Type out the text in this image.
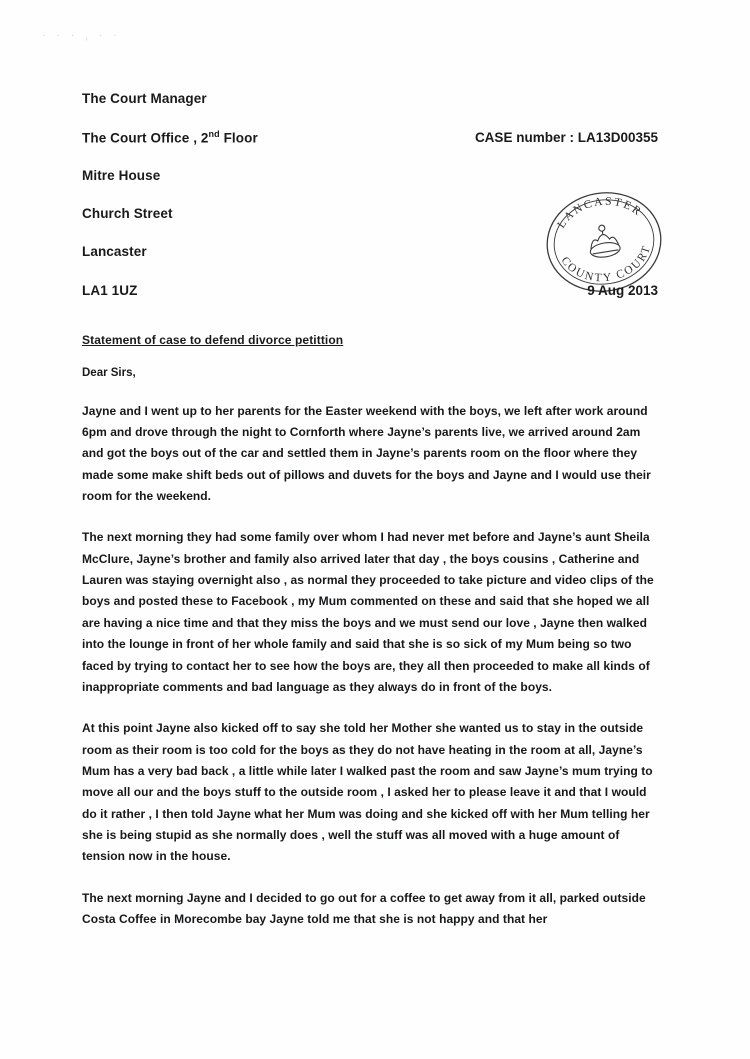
· · · , · ·
LANCASTER
COUNTY COURT
The Court Manager
The Court Office , 2nd Floor	CASE number : LA13D00355
Mitre House
Church Street
Lancaster
LA1 1UZ	9 Aug 2013
Statement of case to defend divorce petittion
Dear Sirs,

Jayne and I went up to her parents for the Easter weekend with the boys, we left after work around 6pm and drove through the night to Cornforth where Jayne’s parents live, we arrived around 2am and got the boys out of the car and settled them in Jayne’s parents room on the floor where they made some make shift beds out of pillows and duvets for the boys and Jayne and I would use their room for the weekend.

The next morning they had some family over whom I had never met before and Jayne’s aunt Sheila McClure, Jayne’s brother and family also arrived later that day , the boys cousins , Catherine and Lauren was staying overnight also , as normal they proceeded to take picture and video clips of the boys and posted these to Facebook , my Mum commented on these and said that she hoped we all are having a nice time and that they miss the boys and we must send our love , Jayne then walked into the lounge in front of her whole family and said that she is so sick of my Mum being so two faced by trying to contact her to see how the boys are, they all then proceeded to make all kinds of inappropriate comments and bad language as they always do in front of the boys.

At this point Jayne also kicked off to say she told her Mother she wanted us to stay in the outside room as their room is too cold for the boys as they do not have heating in the room at all, Jayne’s Mum has a very bad back , a little while later I walked past the room and saw Jayne’s mum trying to move all our and the boys stuff to the outside room , I asked her to please leave it and that I would do it rather , I then told Jayne what her Mum was doing and she kicked off with her Mum telling her she is being stupid as she normally does , well the stuff was all moved with a huge amount of tension now in the house.

The next morning Jayne and I decided to go out for a coffee to get away from it all, parked outside Costa Coffee in Morecombe bay Jayne told me that she is not happy and that her
